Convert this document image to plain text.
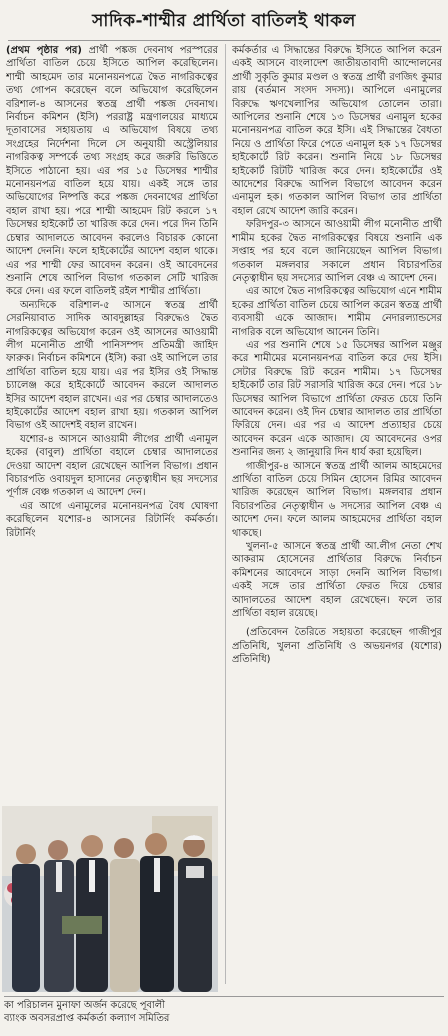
সাদিক-শাম্মীর প্রার্থিতা বাতিলই থাকল

(প্রথম পৃষ্ঠার পর) প্রার্থী পঙ্কজ দেবনাথ পরস্পরের প্রার্থিতা বাতিল চেয়ে ইসিতে আপিল করেছিলেন। শাম্মী আহমেদ তার মনোনয়নপত্রে দ্বৈত নাগরিকত্বের তথ্য গোপন করেছেন বলে অভিযোগ করেছিলেন বরিশাল-৪ আসনের স্বতন্ত্র প্রার্থী পঙ্কজ দেবনাথ। নির্বাচন কমিশন (ইসি) পররাষ্ট্র মন্ত্রণালয়ের মাধ্যমে দূতাবাসের সহায়তায় এ অভিযোগ বিষয়ে তথ্য সংগ্রহের নির্দেশনা দিলে সে অনুযায়ী অস্ট্রেলিয়ার নাগরিকত্ব সম্পর্কে তথ্য সংগ্রহ করে জরুরি ভিত্তিতে ইসিতে পাঠানো হয়। এর পর ১৫ ডিসেম্বর শাম্মীর মনোনয়নপত্র বাতিল হয়ে যায়। একই সঙ্গে তার অভিযোগের নিষ্পত্তি করে পঙ্কজ দেবনাথের প্রার্থিতা বহাল রাখা হয়। পরে শাম্মী আহমেদ রিট করলে ১৭ ডিসেম্বর হাইকোর্ট তা খারিজ করে দেন। পরে দিন তিনি চেম্বার আদালতে আবেদন করলেও বিচারক কোনো আদেশ দেননি। ফলে হাইকোর্টের আদেশ বহাল থাকে। এর পর শাম্মী ফের আবেদন করেন। ওই আবেদনের শুনানি শেষে আপিল বিভাগ গতকাল সেটি খারিজ করে দেন। এর ফলে বাতিলই রইল শাম্মীর প্রার্থিতা।

অন্যদিকে বরিশাল-৫ আসনে স্বতন্ত্র প্রার্থী সেরনিয়াবাত সাদিক আবদুল্লাহর বিরুদ্ধেও দ্বৈত নাগরিকত্বের অভিযোগ করেন ওই আসনের আওয়ামী লীগ মনোনীত প্রার্থী পানিসম্পদ প্রতিমন্ত্রী জাহিদ ফারুক। নির্বাচন কমিশনে (ইসি) করা ওই আপিলে তার প্রার্থিতা বাতিল হয়ে যায়। এর পর ইসির ওই সিদ্ধান্ত চ্যালেঞ্জ করে হাইকোর্টে আবেদন করলে আদালত ইসির আদেশ বহাল রাখেন। এর পর চেম্বার আদালতেও হাইকোর্টের আদেশ বহাল রাখা হয়। গতকাল আপিল বিভাগ ওই আদেশই বহাল রাখেন।

যশোর-৪ আসনে আওয়ামী লীগের প্রার্থী এনামুল হকের (বাবুল) প্রার্থিতা বহালে চেম্বার আদালতের দেওয়া আদেশ বহাল রেখেছেন আপিল বিভাগ। প্রধান বিচারপতি ওবায়দুল হাসানের নেতৃত্বাধীন ছয় সদস্যের পূর্ণাঙ্গ বেঞ্চ গতকাল এ আদেশ দেন।

এর আগে এনামুলের মনোনয়নপত্র বৈধ ঘোষণা করেছিলেন যশোর-৪ আসনের রিটার্নিং কর্মকর্তা। রিটার্নিং

কর্মকর্তার এ সিদ্ধান্তের বিরুদ্ধে ইসিতে আপিল করেন একই আসনে বাংলাদেশ জাতীয়তাবাদী আন্দোলনের প্রার্থী সুকৃতি কুমার মণ্ডল ও স্বতন্ত্র প্রার্থী রণজিৎ কুমার রায় (বর্তমান সংসদ সদস্য)। আপিলে এনামুলের বিরুদ্ধে ঋণখেলাপির অভিযোগ তোলেন তারা। আপিলের শুনানি শেষে ১৩ ডিসেম্বর এনামুল হকের মনোনয়নপত্র বাতিল করে ইসি। এই সিদ্ধান্তের বৈধতা নিয়ে ও প্রার্থিতা ফিরে পেতে এনামুল হক ১৭ ডিসেম্বর হাইকোর্টে রিট করেন। শুনানি নিয়ে ১৮ ডিসেম্বর হাইকোর্ট রিটটি খারিজ করে দেন। হাইকোর্টের ওই আদেশের বিরুদ্ধে আপিল বিভাগে আবেদন করেন এনামুল হক। গতকাল আপিল বিভাগ তার প্রার্থিতা বহাল রেখে আদেশ জারি করেন।

ফরিদপুর-৩ আসনে আওয়ামী লীগ মনোনীত প্রার্থী শামীম হকের দ্বৈত নাগরিকত্বের বিষয়ে শুনানি এক সপ্তাহ পর হবে বলে জানিয়েছেন আপিল বিভাগ। গতকাল মঙ্গলবার সকালে প্রধান বিচারপতির নেতৃত্বাধীন ছয় সদস্যের আপিল বেঞ্চ এ আদেশ দেন।

এর আগে দ্বৈত নাগরিকত্বের অভিযোগ এনে শামীম হকের প্রার্থিতা বাতিল চেয়ে আপিল করেন স্বতন্ত্র প্রার্থী ব্যবসায়ী একে আজাদ। শামীম নেদারল্যান্ডসের নাগরিক বলে অভিযোগ আনেন তিনি।

এর পর শুনানি শেষে ১৫ ডিসেম্বর আপিল মঞ্জুর করে শামীমের মনোনয়নপত্র বাতিল করে দেয় ইসি। সেটার বিরুদ্ধে রিট করেন শামীম। ১৭ ডিসেম্বর হাইকোর্ট তার রিট সরাসরি খারিজ করে দেন। পরে ১৮ ডিসেম্বর আপিল বিভাগে প্রার্থিতা ফেরত চেয়ে তিনি আবেদন করেন। ওই দিন চেম্বার আদালত তার প্রার্থিতা ফিরিয়ে দেন। এর পর এ আদেশ প্রত্যাহার চেয়ে আবেদন করেন একে আজাদ। যে আবেদনের ওপর শুনানির জন্য ২ জানুয়ারি দিন ধার্য করা হয়েছিল।

গাজীপুর-৪ আসনে স্বতন্ত্র প্রার্থী আলম আহমেদের প্রার্থিতা বাতিল চেয়ে সিমিন হোসেন রিমির আবেদন খারিজ করেছেন আপিল বিভাগ। মঙ্গলবার প্রধান বিচারপতির নেতৃত্বাধীন ৬ সদস্যের আপিল বেঞ্চ এ আদেশ দেন। ফলে আলম আহমেদের প্রার্থিতা বহাল থাকছে।

খুলনা-৫ আসনে স্বতন্ত্র প্রার্থী আ.লীগ নেতা শেখ আকরাম হোসেনের প্রার্থিতার বিরুদ্ধে নির্বাচন কমিশনের আবেদনে সাড়া দেননি আপিল বিভাগ। একই সঙ্গে তার প্রার্থিতা ফেরত দিয়ে চেম্বার আদালতের আদেশ বহাল রেখেছেন। ফলে তার প্রার্থিতা বহাল রয়েছে।

(প্রতিবেদন তৈরিতে সহায়তা করেছেন গাজীপুর প্রতিনিধি, খুলনা প্রতিনিধি ও অভয়নগর (যশোর) প্রতিনিধি)

কা পরিচালন মুনাফা অর্জন করেছে পূবালী
ব্যাংক অবসরপ্রাপ্ত কর্মকর্তা কল্যাণ সমিতির
